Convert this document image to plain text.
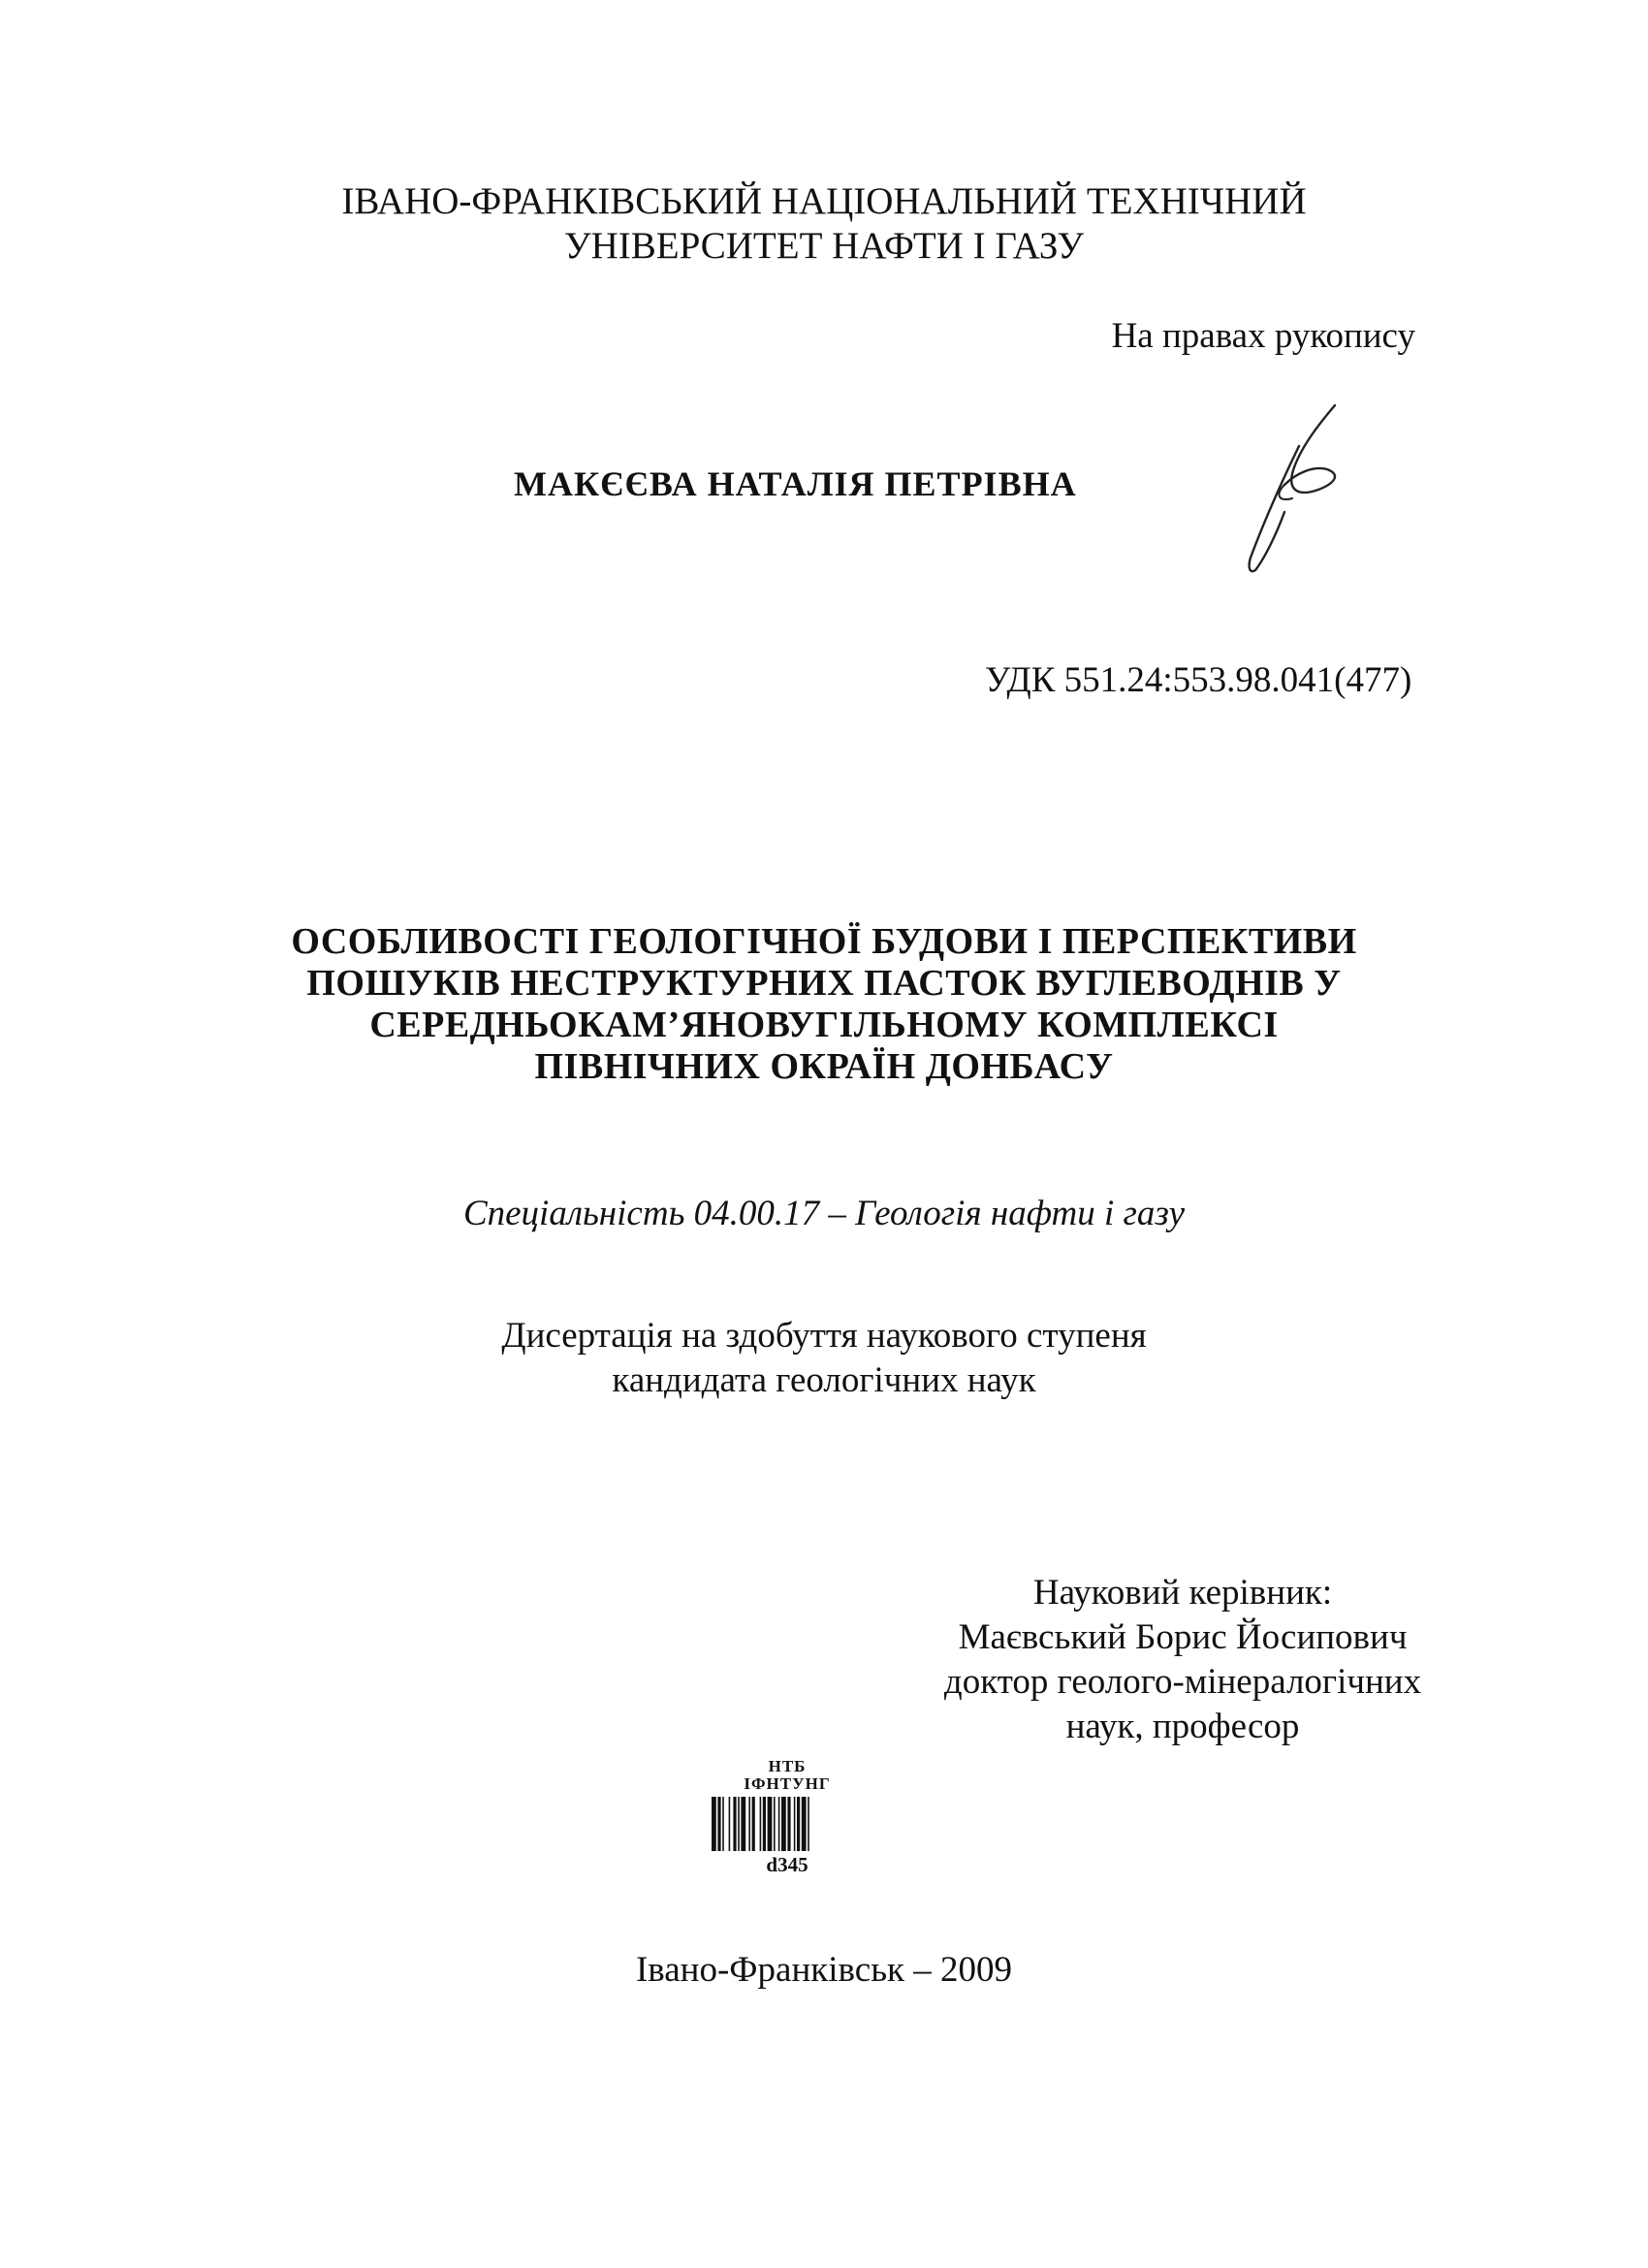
ІВАНО-ФРАНКІВСЬКИЙ НАЦІОНАЛЬНИЙ ТЕХНІЧНИЙ
УНІВЕРСИТЕТ НАФТИ І ГАЗУ
На правах рукопису
МАКЄЄВА НАТАЛІЯ ПЕТРІВНА
УДК 551.24:553.98.041(477)
ОСОБЛИВОСТІ ГЕОЛОГІЧНОЇ БУДОВИ І ПЕРСПЕКТИВИ
ПОШУКІВ НЕСТРУКТУРНИХ ПАСТОК ВУГЛЕВОДНІВ У
СЕРЕДНЬОКАМ’ЯНОВУГІЛЬНОМУ КОМПЛЕКСІ
ПІВНІЧНИХ ОКРАЇН ДОНБАСУ
Спеціальність 04.00.17 – Геологія нафти і газу
Дисертація на здобуття наукового ступеня
кандидата геологічних наук
Науковий керівник:
Маєвський Борис Йосипович
доктор геолого-мінералогічних
наук, професор
НТБ
ІФНТУНГ
d345
Івано-Франківськ – 2009
